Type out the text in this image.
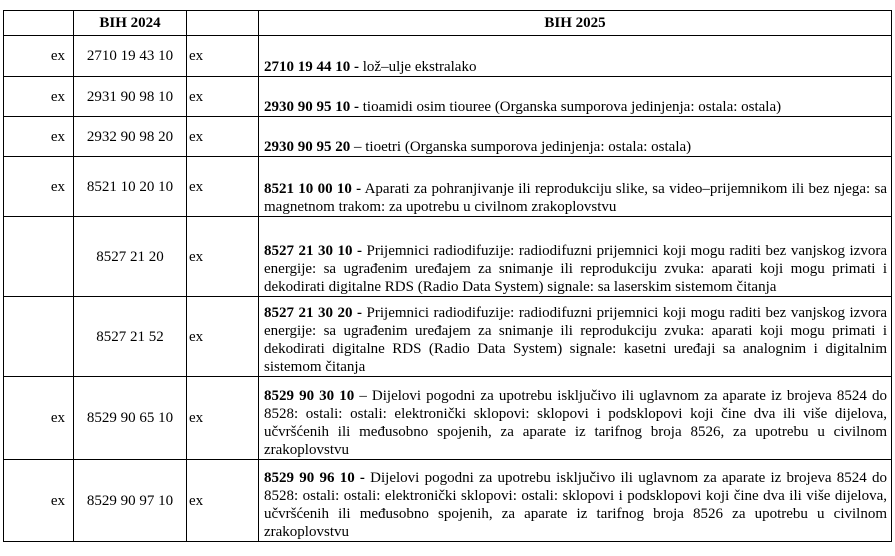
	BIH 2024		BIH 2025
ex	2710 19 43 10	ex	2710 19 44 10 - lož–ulje ekstralako
ex	2931 90 98 10	ex	2930 90 95 10 - tioamidi osim tiouree (Organska sumporova jedinjenja: ostala: ostala)
ex	2932 90 98 20	ex	2930 90 95 20 – tioetri (Organska sumporova jedinjenja: ostala: ostala)
ex	8521 10 20 10	ex	8521 10 00 10 - Aparati za pohranjivanje ili reprodukciju slike, sa video–prijemnikom ili bez njega: sa magnetnom trakom: za upotrebu u civilnom zrakoplovstvu
	8527 21 20	ex	8527 21 30 10 - Prijemnici radiodifuzije: radiodifuzni prijemnici koji mogu raditi bez vanjskog izvora energije: sa ugrađenim uređajem za snimanje ili reprodukciju zvuka: aparati koji mogu primati i dekodirati digitalne RDS (Radio Data System) signale: sa laserskim sistemom čitanja
	8527 21 52	ex	8527 21 30 20 - Prijemnici radiodifuzije: radiodifuzni prijemnici koji mogu raditi bez vanjskog izvora energije: sa ugrađenim uređajem za snimanje ili reprodukciju zvuka: aparati koji mogu primati i dekodirati digitalne RDS (Radio Data System) signale: kasetni uređaji sa analognim i digitalnim sistemom čitanja
ex	8529 90 65 10	ex	8529 90 30 10 – Dijelovi pogodni za upotrebu isključivo ili uglavnom za aparate iz brojeva 8524 do 8528: ostali: ostali: elektronički sklopovi: sklopovi i podsklopovi koji čine dva ili više dijelova, učvršćenih ili međusobno spojenih, za aparate iz tarifnog broja 8526, za upotrebu u civilnom zrakoplovstvu
ex	8529 90 97 10	ex	8529 90 96 10 - Dijelovi pogodni za upotrebu isključivo ili uglavnom za aparate iz brojeva 8524 do 8528: ostali: ostali: elektronički sklopovi: ostali: sklopovi i podsklopovi koji čine dva ili više dijelova, učvršćenih ili međusobno spojenih, za aparate iz tarifnog broja 8526 za upotrebu u civilnom zrakoplovstvu
